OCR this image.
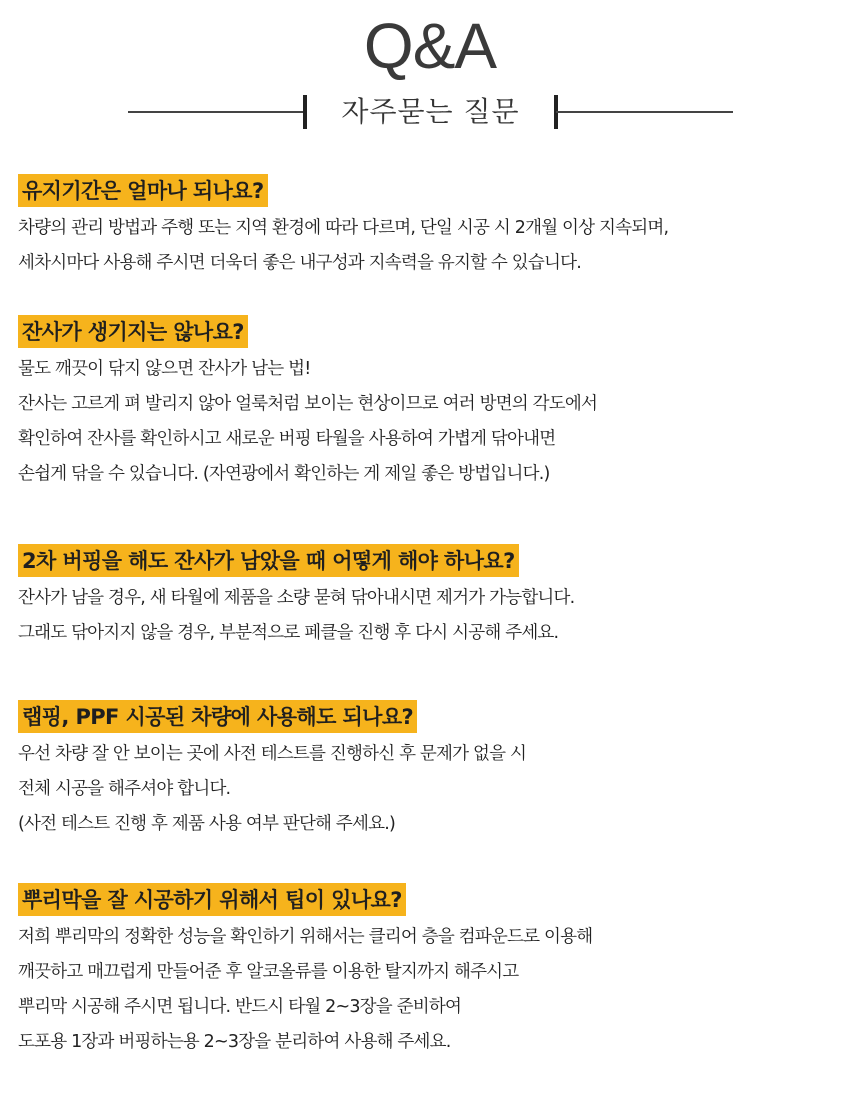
Q&A
자주묻는 질문
유지기간은 얼마나 되나요?
차량의 관리 방법과 주행 또는 지역 환경에 따라 다르며, 단일 시공 시 2개월 이상 지속되며,
세차시마다 사용해 주시면 더욱더 좋은 내구성과 지속력을 유지할 수 있습니다.
잔사가 생기지는 않나요?
물도 깨끗이 닦지 않으면 잔사가 남는 법!
잔사는 고르게 펴 발리지 않아 얼룩처럼 보이는 현상이므로 여러 방면의 각도에서
확인하여 잔사를 확인하시고 새로운 버핑 타월을 사용하여 가볍게 닦아내면
손쉽게 닦을 수 있습니다. (자연광에서 확인하는 게 제일 좋은 방법입니다.)
2차 버핑을 해도 잔사가 남았을 때 어떻게 해야 하나요?
잔사가 남을 경우, 새 타월에 제품을 소량 묻혀 닦아내시면 제거가 가능합니다.
그래도 닦아지지 않을 경우, 부분적으로 페클을 진행 후 다시 시공해 주세요.
랩핑, PPF 시공된 차량에 사용해도 되나요?
우선 차량 잘 안 보이는 곳에 사전 테스트를 진행하신 후 문제가 없을 시
전체 시공을 해주셔야 합니다.
(사전 테스트 진행 후 제품 사용 여부 판단해 주세요.)
뿌리막을 잘 시공하기 위해서 팁이 있나요?
저희 뿌리막의 정확한 성능을 확인하기 위해서는 클리어 층을 컴파운드로 이용해
깨끗하고 매끄럽게 만들어준 후 알코올류를 이용한 탈지까지 해주시고
뿌리막 시공해 주시면 됩니다. 반드시 타월 2~3장을 준비하여
도포용 1장과 버핑하는용 2~3장을 분리하여 사용해 주세요.
